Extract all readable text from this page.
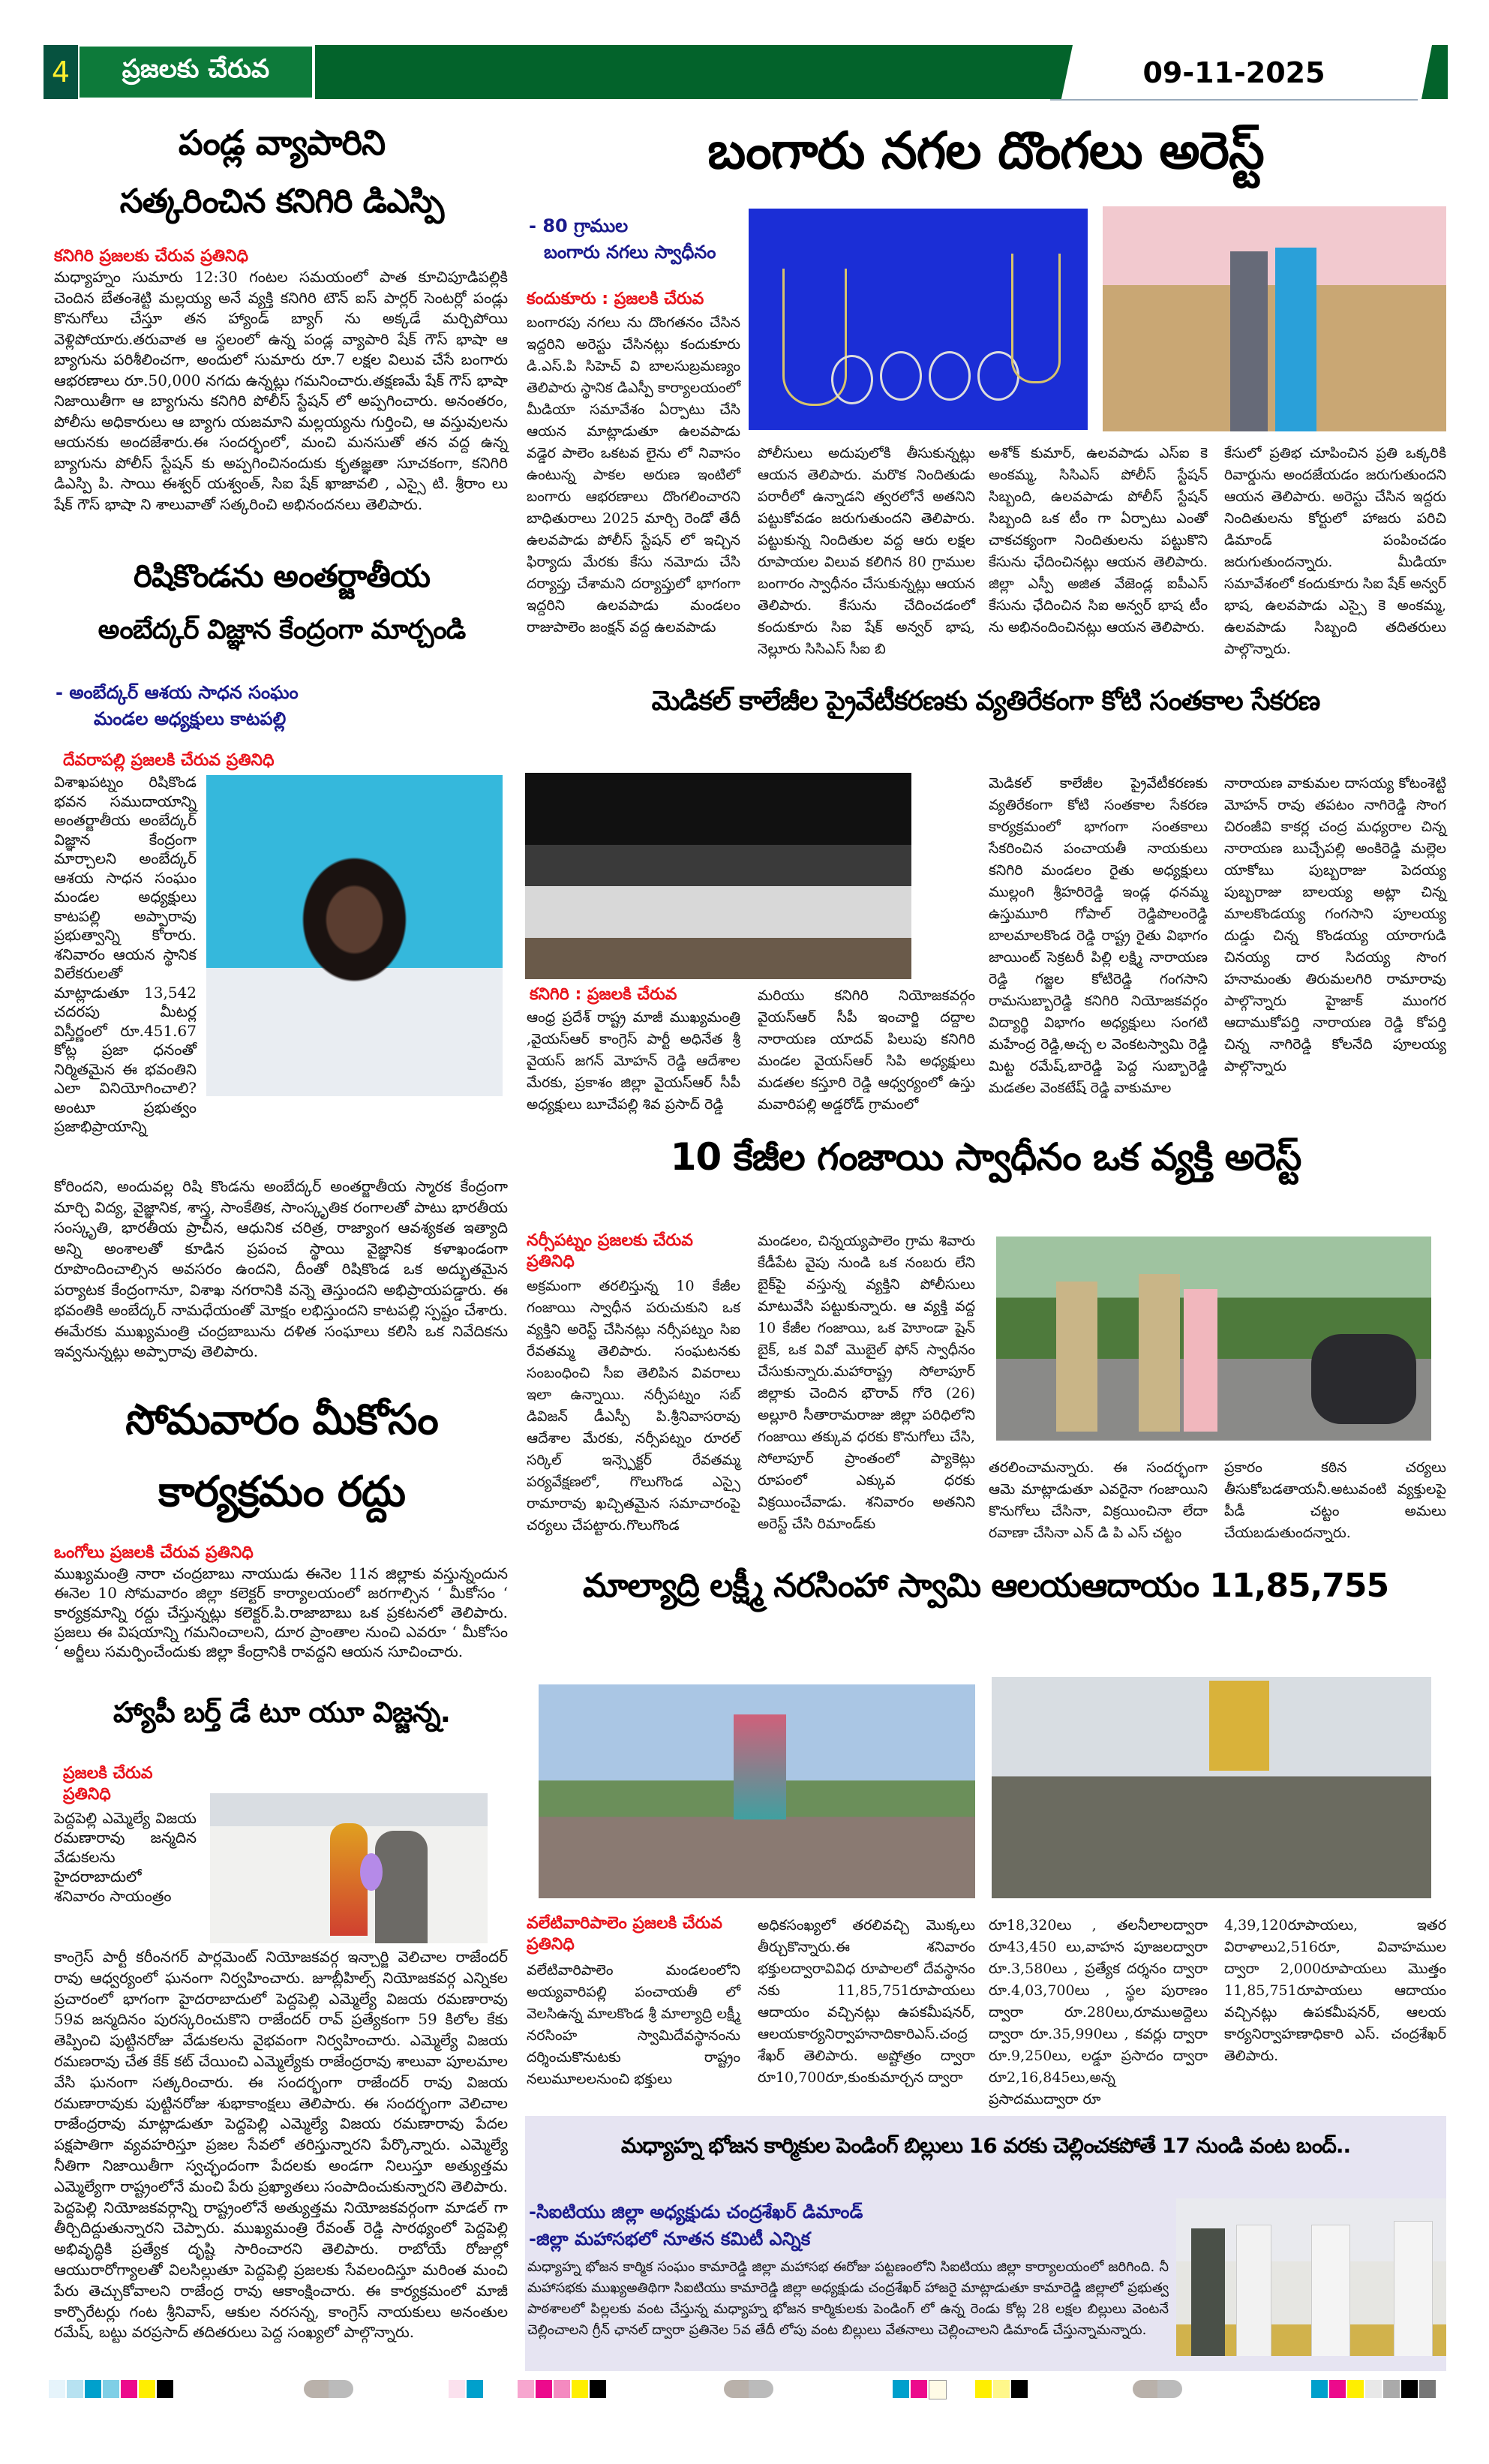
4	ప్రజలకు చేరువ	09-11-2025
పండ్ల వ్యాపారిని
సత్కరించిన కనిగిరి డిఎస్పి
కనిగిరి ప్రజలకు చేరువ ప్రతినిధి
మధ్యాహ్నం సుమారు 12:30 గంటల సమయంలో పాత కూచిపూడిపల్లికి చెందిన బేతంశెట్టి మల్లయ్య అనే వ్యక్తి కనిగిరి టౌన్ ఐస్ పార్లర్ సెంటర్లో పండ్లు కొనుగోలు చేస్తూ తన హ్యాండ్ బ్యాగ్ ను అక్కడే మర్చిపోయి వెళ్లిపోయారు.తరువాత ఆ స్థలంలో ఉన్న పండ్ల వ్యాపారి షేక్ గౌస్ భాషా ఆ బ్యాగును పరిశీలించగా, అందులో సుమారు రూ.7 లక్షల విలువ చేసే బంగారు ఆభరణాలు రూ.50,000 నగదు ఉన్నట్లు గమనించారు.తక్షణమే షేక్ గౌస్ భాషా నిజాయితీగా ఆ బ్యాగును కనిగిరి పోలీస్ స్టేషన్ లో అప్పగించారు. అనంతరం, పోలీసు అధికారులు ఆ బ్యాగు యజమాని మల్లయ్యను గుర్తించి, ఆ వస్తువులను ఆయనకు అందజేశారు.ఈ సందర్భంలో, మంచి మనసుతో తన వద్ద ఉన్న బ్యాగును పోలీస్ స్టేషన్ కు అప్పగించినందుకు కృతజ్ఞతా సూచకంగా, కనిగిరి డిఎస్పి పి. సాయి ఈశ్వర్ యశ్వంత్, సిఐ షేక్ ఖాజావలి , ఎస్సై టి. శ్రీరాం లు షేక్ గౌస్ భాషా ని శాలువాతో సత్కరించి అభినందనలు తెలిపారు.
రిషికొండను అంతర్జాతీయ
అంబేద్కర్ విజ్ఞాన కేంద్రంగా మార్చండి
- అంబేద్కర్ ఆశయ సాధన సంఘం
మండల అధ్యక్షులు కాటపల్లి
దేవరాపల్లి ప్రజలకి చేరువ ప్రతినిధి
విశాఖపట్నం రిషికొండ భవన సముదాయాన్ని అంతర్జాతీయ అంబేద్కర్ విజ్ఞాన కేంద్రంగా మార్చాలని అంబేద్కర్ ఆశయ సాధన సంఘం మండల అధ్యక్షులు కాటపల్లి అప్పారావు ప్రభుత్వాన్ని కోరారు. శనివారం ఆయన స్థానిక విలేకరులతో మాట్లాడుతూ 13,542 చదరపు మీటర్ల విస్తీర్ణంలో రూ.451.67 కోట్ల ప్రజా ధనంతో నిర్మితమైన ఈ భవంతిని ఎలా వినియోగించాలి? అంటూ ప్రభుత్వం ప్రజాభిప్రాయాన్ని
కోరిందని, అందువల్ల రిషి కొండను అంబేద్కర్ అంతర్జాతీయ స్మారక కేంద్రంగా మార్చి విద్య, వైజ్ఞానిక, శాస్త్ర, సాంకేతిక, సాంస్కృతిక రంగాలతో పాటు భారతీయ సంస్కృతి, భారతీయ ప్రాచీన, ఆధునిక చరిత్ర, రాజ్యాంగ ఆవశ్యకత ఇత్యాది అన్ని అంశాలతో కూడిన ప్రపంచ స్థాయి వైజ్ఞానిక కళాఖండంగా రూపొందించాల్సిన అవసరం ఉందని, దీంతో రిషికొండ ఒక అద్భుతమైన పర్యాటక కేంద్రంగానూ, విశాఖ నగరానికి వన్నె తెస్తుందని అభిప్రాయపడ్డారు. ఈ భవంతికి అంబేద్కర్ నామధేయంతో మోక్షం లభిస్తుందని కాటపల్లి స్పష్టం చేశారు. ఈమేరకు ముఖ్యమంత్రి చంద్రబాబును దళిత సంఘాలు కలిసి ఒక నివేదికను ఇవ్వనున్నట్లు అప్పారావు తెలిపారు.
సోమవారం మీకోసం
కార్యక్రమం రద్దు
ఒంగోలు ప్రజలకి చేరువ ప్రతినిధి
ముఖ్యమంత్రి నారా చంద్రబాబు నాయుడు ఈనెల 11న జిల్లాకు వస్తున్నందున ఈనెల 10 సోమవారం జిల్లా కలెక్టర్ కార్యాలయంలో జరగాల్సిన ‘ మీకోసం ‘ కార్యక్రమాన్ని రద్దు చేస్తున్నట్లు కలెక్టర్.పి.రాజాబాబు ఒక ప్రకటనలో తెలిపారు. ప్రజలు ఈ విషయాన్ని గమనించాలని, దూర ప్రాంతాల నుంచి ఎవరూ ‘ మీకోసం ‘ అర్జీలు సమర్పించేందుకు జిల్లా కేంద్రానికి రావద్దని ఆయన సూచించారు.
హ్యాపీ బర్త్ డే టూ యూ విజ్జన్న.
ప్రజలకి చేరువ ప్రతినిధి
పెద్దపెల్లి ఎమ్మెల్యే విజయ రమణారావు జన్మదిన వేడుకలను హైదరాబాదులో శనివారం సాయంత్రం
కాంగ్రెస్ పార్టీ కరీంనగర్ పార్లమెంట్ నియోజకవర్గ ఇన్చార్జి వెలిచాల రాజేందర్ రావు ఆధ్వర్యంలో ఘనంగా నిర్వహించారు. జూబ్లీహిల్స్ నియోజకవర్గ ఎన్నికల ప్రచారంలో భాగంగా హైదరాబాదులో పెద్దపెల్లి ఎమ్మెల్యే విజయ రమణారావు 59వ జన్మదినం పురస్కరించుకొని రాజేందర్ రావ్ ప్రత్యేకంగా 59 కిలోల కేకు తెప్పించి పుట్టినరోజు వేడుకలను వైభవంగా నిర్వహించారు. ఎమ్మెల్యే విజయ రమణరావు చేత కేక్ కట్ చేయించి ఎమ్మెల్యేకు రాజేంద్రరావు శాలువా పూలమాల వేసి ఘనంగా సత్కరించారు. ఈ సందర్భంగా రాజేందర్ రావు విజయ రమణారావుకు పుట్టినరోజు శుభాకాంక్షలు తెలిపారు. ఈ సందర్భంగా వెలిచాల రాజేంద్రరావు మాట్లాడుతూ పెద్దపెల్లి ఎమ్మెల్యే విజయ రమణారావు పేదల పక్షపాతిగా వ్యవహరిస్తూ ప్రజల సేవలో తరిస్తున్నారని పేర్కొన్నారు. ఎమ్మెల్యే నీతిగా నిజాయితీగా స్వచ్ఛందంగా పేదలకు అండగా నిలుస్తూ అత్యుత్తమ ఎమ్మెల్యేగా రాష్ట్రంలోనే మంచి పేరు ప్రఖ్యాతలు సంపాదించుకున్నారని తెలిపారు. పెద్దపెల్లి నియోజకవర్గాన్ని రాష్ట్రంలోనే అత్యుత్తమ నియోజకవర్గంగా మాడల్ గా తీర్చిదిద్దుతున్నారని చెప్పారు. ముఖ్యమంత్రి రేవంత్ రెడ్డి సారథ్యంలో పెద్దపెల్లి అభివృద్ధికి ప్రత్యేక దృష్టి సారించారని తెలిపారు. రాబోయే రోజుల్లో ఆయురారోగ్యాలతో విలసిల్లుతూ పెద్దపెల్లి ప్రజలకు సేవలందిస్తూ మరింత మంచి పేరు తెచ్చుకోవాలని రాజేంద్ర రావు ఆకాంక్షించారు. ఈ కార్యక్రమంలో మాజీ కార్పొరేటర్లు గంట శ్రీనివాస్, ఆకుల నరసన్న, కాంగ్రెస్ నాయకులు అనంతుల రమేష్, బట్టు వరప్రసాద్ తదితరులు పెద్ద సంఖ్యలో పాల్గొన్నారు.
బంగారు నగల దొంగలు అరెస్ట్
- 80 గ్రాముల
బంగారు నగలు స్వాధీనం
కందుకూరు : ప్రజలకి చేరువ
బంగారపు నగలు ను దొంగతనం చేసిన ఇద్దరిని అరెస్టు చేసినట్లు కందుకూరు డి.ఎస్.పి సిహెచ్ వి బాలసుబ్రమణ్యం తెలిపారు స్థానిక డిఎస్పీ కార్యాలయంలో మీడియా సమావేశం ఏర్పాటు చేసి ఆయన మాట్లాడుతూ ఉలవపాడు వడ్డెర పాలెం ఒకటవ లైను లో నివాసం ఉంటున్న పాకల అరుణ ఇంటిలో బంగారు ఆభరణాలు దొంగలించారని బాధితురాలు 2025 మార్చి రెండో తేదీ ఉలవపాడు పోలీస్ స్టేషన్ లో ఇచ్చిన ఫిర్యాదు మేరకు కేసు నమోదు చేసి దర్యాప్తు చేశామని దర్యాప్తులో భాగంగా ఇద్దరిని ఉలవపాడు మండలం రాజుపాలెం జంక్షన్ వద్ద ఉలవపాడు
పోలీసులు అదుపులోకి తీసుకున్నట్లు ఆయన తెలిపారు. మరొక నిందితుడు పరారీలో ఉన్నాడని త్వరలోనే అతనిని పట్టుకోవడం జరుగుతుందని తెలిపారు. పట్టుకున్న నిందితుల వద్ద ఆరు లక్షల రూపాయల విలువ కలిగిన 80 గ్రాముల బంగారం స్వాధీనం చేసుకున్నట్లు ఆయన తెలిపారు. కేసును చేదించడంలో కందుకూరు సిఐ షేక్ అన్వర్ భాష, నెల్లూరు సిసిఎస్ సీఐ బి
అశోక్ కుమార్, ఉలవపాడు ఎస్ఐ కె అంకమ్మ, సిసిఎస్ పోలీస్ స్టేషన్ సిబ్బంది, ఉలవపాడు పోలీస్ స్టేషన్ సిబ్బంది ఒక టీం గా ఏర్పాటు ఎంతో చాకచక్యంగా నిందితులను పట్టుకొని కేసును ఛేదించినట్లు ఆయన తెలిపారు. జిల్లా ఎస్పీ అజిత వేజెండ్ల ఐపీఎస్ కేసును ఛేదించిన సిఐ అన్వర్ భాష టీం ను అభినందించినట్లు ఆయన తెలిపారు.
కేసులో ప్రతిభ చూపించిన ప్రతి ఒక్కరికి రివార్డును అందజేయడం జరుగుతుందని ఆయన తెలిపారు. అరెస్టు చేసిన ఇద్దరు నిందితులను కోర్టులో హాజరు పరిచి డిమాండ్ పంపించడం జరుగుతుందన్నారు. మీడియా సమావేశంలో కందుకూరు సిఐ షేక్ అన్వర్ భాష, ఉలవపాడు ఎస్సై కె అంకమ్మ, ఉలవపాడు సిబ్బంది తదితరులు పాల్గొన్నారు.
మెడికల్ కాలేజీల ప్రైవేటీకరణకు వ్యతిరేకంగా కోటి సంతకాల సేకరణ
కనిగిరి : ప్రజలకి చేరువ
ఆంధ్ర ప్రదేశ్ రాష్ట్ర మాజీ ముఖ్యమంత్రి ,వైయస్ఆర్ కాంగ్రెస్ పార్టీ అధినేత శ్రీ వైయస్ జగన్ మోహన్ రెడ్డి ఆదేశాల మేరకు, ప్రకాశం జిల్లా వైయస్ఆర్ సీపీ అధ్యక్షులు బూచేపల్లి శివ ప్రసాద్ రెడ్డి
మరియు కనిగిరి నియోజకవర్గం వైయస్ఆర్ సీపీ ఇంచార్జి దద్దాల నారాయణ యాదవ్ పిలుపు కనిగిరి మండల వైయస్ఆర్ సిపి అధ్యక్షులు మడతల కస్తూరి రెడ్డి ఆధ్వర్యంలో ఉస్తు మవారిపల్లి అడ్డరోడ్ గ్రామంలో
మెడికల్ కాలేజీల ప్రైవేటీకరణకు వ్యతిరేకంగా కోటి సంతకాల సేకరణ కార్యక్రమంలో భాగంగా సంతకాలు సేకరించిన పంచాయతీ నాయకులు కనిగిరి మండలం రైతు అధ్యక్షులు ముల్లంగి శ్రీహరిరెడ్డి ఇండ్ల ధనమ్మ ఉస్తుమూరి గోపాల్ రెడ్డిపొలంరెడ్డి బాలమాలకొండ రెడ్డి రాష్ట్ర రైతు విభాగం జాయింట్ సెక్రటరీ పిల్లి లక్ష్మి నారాయణ రెడ్డి గజ్జల కోటిరెడ్డి గంగసాని రామసుబ్బారెడ్డి కనిగిరి నియోజకవర్గం విద్యార్థి విభాగం అధ్యక్షులు సంగటి మహేంద్ర రెడ్డి,అచ్చ ల వెంకటస్వామి రెడ్డి మిట్ట రమేష్,బారెడ్డి పెద్ద సుబ్బారెడ్డి మడతల వెంకటేష్ రెడ్డి వాకుమాల
నారాయణ వాకుమల దాసయ్య కోటంశెట్టి మోహన్ రావు తపటం నాగిరెడ్డి సొంగ చిరంజీవి కాకర్ల చంద్ర మధ్యరాల చిన్న నారాయణ బుచ్చేపల్లి అంకిరెడ్డి మల్లెల యాకోబు పుబ్బరాజు పెదయ్య పుబ్బరాజు బాలయ్య అట్లా చిన్న మాలకొండయ్య గంగసాని పూలయ్య దుడ్డు చిన్న కొండయ్య యారాగుడి చినయ్య దార సిదయ్య సొంగ హనామంతు తిరుమలగిరి రామారావు పాల్గొన్నారు హైజాక్ ముంగర ఆదాముకోపర్తి నారాయణ రెడ్డి కోపర్తి చిన్న నాగిరెడ్డి కోలనేది పూలయ్య పాల్గొన్నారు
10 కేజీల గంజాయి స్వాధీనం ఒక వ్యక్తి అరెస్ట్
నర్సీపట్నం ప్రజలకు చేరువ ప్రతినిధి
అక్రమంగా తరలిస్తున్న 10 కేజీల గంజాయి స్వాధీన పరుచుకుని ఒక వ్యక్తిని అరెస్ట్ చేసినట్లు నర్సీపట్నం సిఐ రేవతమ్మ తెలిపారు. సంఘటనకు సంబంధించి సీఐ తెలిపిన వివరాలు ఇలా ఉన్నాయి. నర్సీపట్నం సబ్ డివిజన్ డీఎస్పీ పి.శ్రీనివాసరావు ఆదేశాల మేరకు, నర్సీపట్నం రూరల్ సర్కిల్ ఇన్స్పెక్టర్ రేవతమ్మ పర్యవేక్షణలో, గొలుగొండ ఎస్సై రామారావు ఖచ్చితమైన సమాచారంపై చర్యలు చేపట్టారు.గొలుగొండ
మండలం, చిన్నయ్యపాలెం గ్రామ శివారు కేడీపేట వైపు నుండి ఒక నంబరు లేని బైక్‌పై వస్తున్న వ్యక్తిని పోలీసులు మాటువేసి పట్టుకున్నారు. ఆ వ్యక్తి వద్ద 10 కేజీల గంజాయి, ఒక హెూండా షైన్ బైక్, ఒక వివో మొబైల్ ఫోన్ స్వాధీనం చేసుకున్నారు.మహారాష్ట్ర సోలాపూర్ జిల్లాకు చెందిన భౌరావ్ గోరె (26) అల్లూరి సీతారామరాజు జిల్లా పరిధిలోని గంజాయి తక్కువ ధరకు కొనుగోలు చేసి, సోలాపూర్ ప్రాంతంలో ప్యాకెట్లు రూపంలో ఎక్కువ ధరకు విక్రయించేవాడు. శనివారం అతనిని అరెస్ట్ చేసి రిమాండ్‌కు
తరలించామన్నారు. ఈ సందర్భంగా ఆమె మాట్లాడుతూ ఎవరైనా గంజాయిని కొనుగోలు చేసినా, విక్రయించినా లేదా రవాణా చేసినా ఎన్ డి పి ఎస్ చట్టం
ప్రకారం కఠిన చర్యలు తీసుకోబడతాయనీ.అటువంటి వ్యక్తులపై పీడీ చట్టం అమలు చేయబడుతుందన్నారు.
మాల్యాద్రి లక్ష్మీ నరసింహా స్వామి ఆలయఆదాయం 11,85,755
వలేటివారిపాలెం ప్రజలకి చేరువ ప్రతినిధి
వలేటివారిపాలెం మండలంలోని అయ్యవారిపల్లి పంచాయతీ లో వెలసిఉన్న మాలకొండ శ్రీ మాల్యాద్రి లక్ష్మీ నరసింహ స్వామిదేవస్థానంను దర్శించుకొనుటకు రాష్ట్రం నలుమూలలనుంచి భక్తులు
అధికసంఖ్యలో తరలివచ్చి మొక్కలు తీర్చుకొన్నారు.ఈ శనివారం భక్తులద్వారావివిధ రూపాలలో దేవస్థానం నకు 11,85,751రూపాయలు ఆదాయం వచ్చినట్లు ఉపకమీషనర్, ఆలయకార్యనిర్వాహనాదికారిఎస్.చంద్ర శేఖర్ తెలిపారు. అష్టోత్రం ద్వారా రూ10,700రూ,కుంకుమార్చన ద్వారా
రూ18,320లు , తలనీలాలద్వారా రూ43,450 లు,వాహన పూజలద్వారా రూ.3,580లు , ప్రత్యేక దర్శనం ద్వారా రూ.4,03,700లు , స్థల పురాణం ద్వారా రూ.280లు,రూముఅద్దెలు ద్వారా రూ.35,990లు , కవర్లు ద్వారా రూ.9,250లు, లడ్డూ ప్రసాదం ద్వారా రూ2,16,845లు,అన్న ప్రసాదముద్వారా రూ
4,39,120రూపాయలు, ఇతర విరాళాలు2,516రూ, వివాహముల ద్వారా 2,000రూపాయలు మొత్తం 11,85,751రూపాయలు ఆదాయం వచ్చినట్లు ఉపకమీషనర్, ఆలయ కార్యనిర్వాహణాధికారి ఎస్. చంద్రశేఖర్ తెలిపారు.
మధ్యాహ్న భోజన కార్మికుల పెండింగ్ బిల్లులు 16 వరకు చెల్లించకపోతే 17 నుండి వంట బంద్..
-సిఐటియు జిల్లా అధ్యక్షుడు చంద్రశేఖర్ డిమాండ్
-జిల్లా మహాసభలో నూతన కమిటీ ఎన్నిక
మధ్యాహ్న భోజన కార్మిక సంఘం కామారెడ్డి జిల్లా మహాసభ ఈరోజు పట్టణంలోని సిఐటియు జిల్లా కార్యాలయంలో జరిగింది. నీ మహాసభకు ముఖ్యఅతిథిగా సిఐటియు కామారెడ్డి జిల్లా అధ్యక్షుడు చంద్రశేఖర్ హాజరై మాట్లాడుతూ కామారెడ్డి జిల్లాలో ప్రభుత్వ పాఠశాలలో పిల్లలకు వంట చేస్తున్న మధ్యాహ్న భోజన కార్మికులకు పెండింగ్ లో ఉన్న రెండు కోట్ల 28 లక్షల బిల్లులు వెంటనే చెల్లించాలని గ్రీన్ ఛానల్ ద్వారా ప్రతినెల 5వ తేదీ లోపు వంట బిల్లులు వేతనాలు చెల్లించాలని డిమాండ్ చేస్తున్నామన్నారు.
